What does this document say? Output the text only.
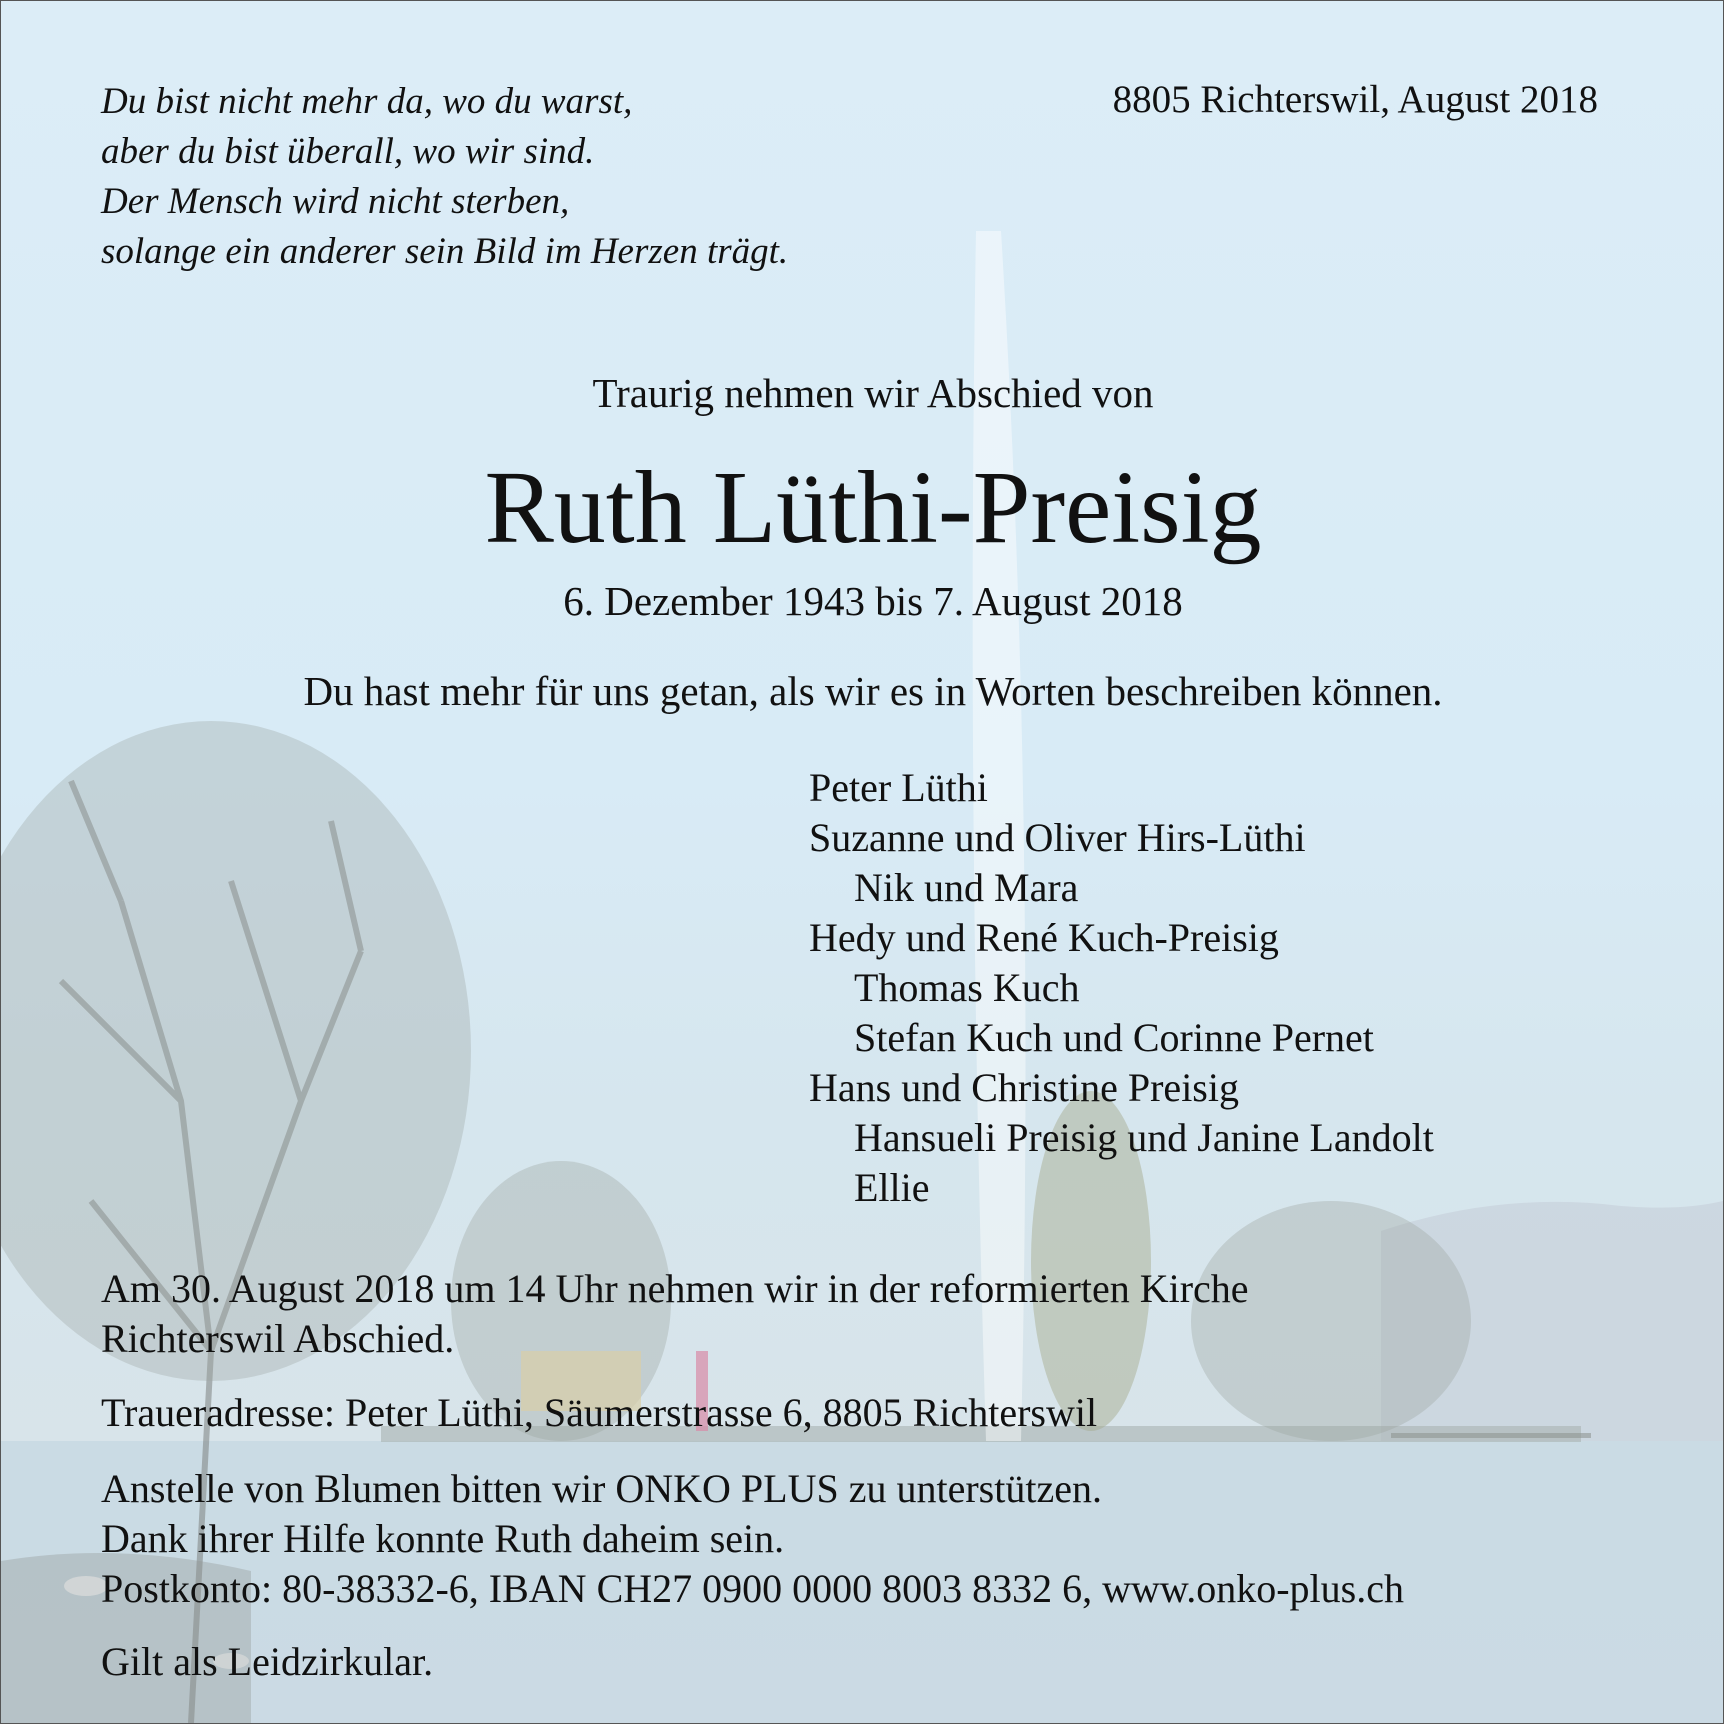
Du bist nicht mehr da, wo du warst,
aber du bist überall, wo wir sind.
Der Mensch wird nicht sterben,
solange ein anderer sein Bild im Herzen trägt.
8805 Richterswil, August 2018
Traurig nehmen wir Abschied von
Ruth Lüthi-Preisig
6. Dezember 1943 bis 7. August 2018
Du hast mehr für uns getan, als wir es in Worten beschreiben können.
Peter Lüthi
Suzanne und Oliver Hirs-Lüthi
Nik und Mara
Hedy und René Kuch-Preisig
Thomas Kuch
Stefan Kuch und Corinne Pernet
Hans und Christine Preisig
Hansueli Preisig und Janine Landolt
Ellie
Am 30. August 2018 um 14 Uhr nehmen wir in der reformierten Kirche
Richterswil Abschied.
Traueradresse: Peter Lüthi, Säumerstrasse 6, 8805 Richterswil
Anstelle von Blumen bitten wir ONKO PLUS zu unterstützen.
Dank ihrer Hilfe konnte Ruth daheim sein.
Postkonto: 80-38332-6, IBAN CH27 0900 0000 8003 8332 6, www.onko-plus.ch
Gilt als Leidzirkular.
